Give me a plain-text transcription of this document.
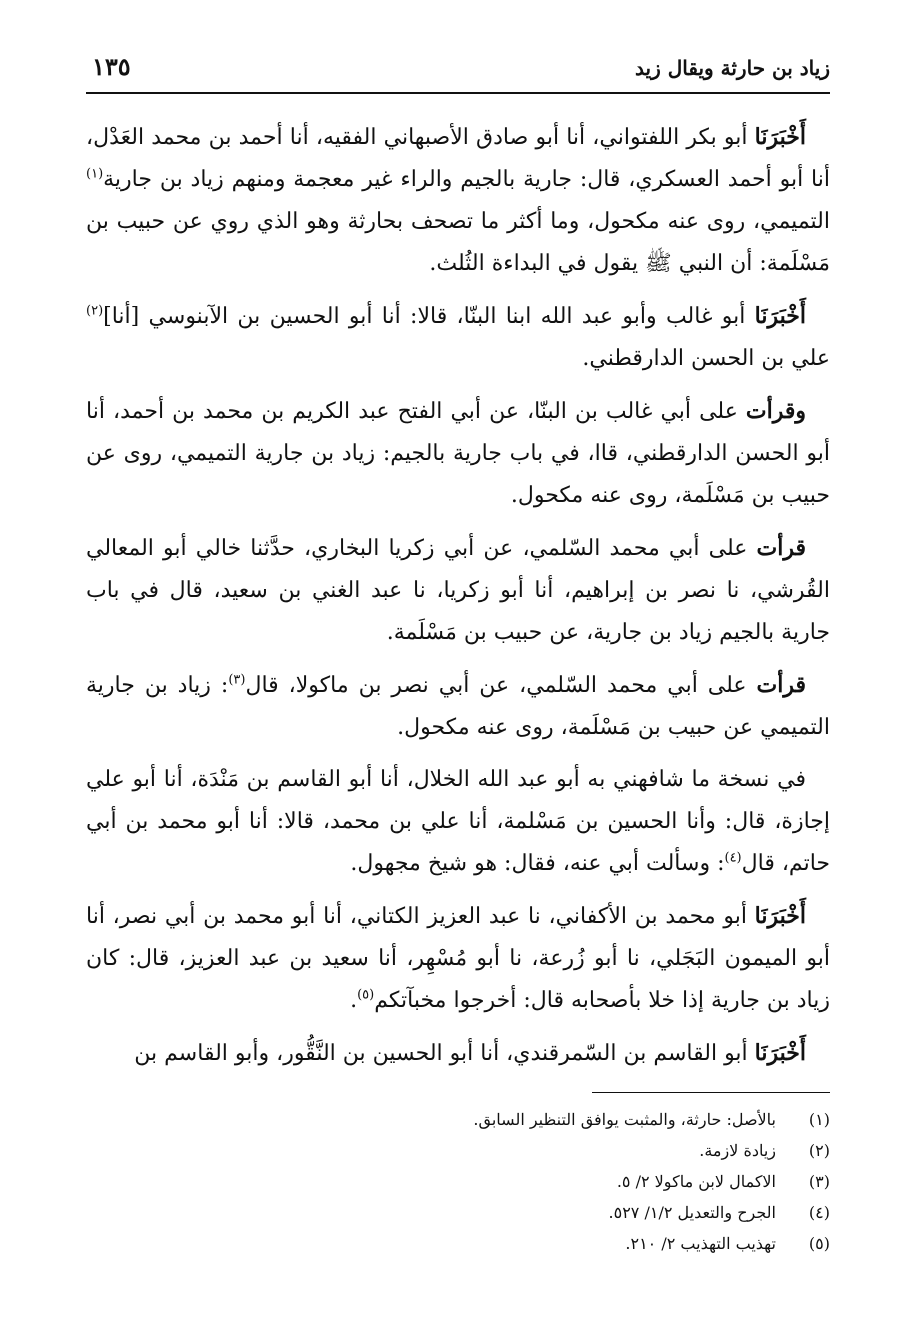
زياد بن حارثة ويقال زيد
١٣٥

أَخْبَرَنَا أبو بكر اللفتواني، أنا أبو صادق الأصبهاني الفقيه، أنا أحمد بن محمد العَدْل، أنا أبو أحمد العسكري، قال: جارية بالجيم والراء غير معجمة ومنهم زياد بن جارية$^{(١)}$ التميمي، روى عنه مكحول، وما أكثر ما تصحف بحارثة وهو الذي روي عن حبيب بن مَسْلَمة: أن النبي ﷺ يقول في البداءة الثُلث.

أَخْبَرَنَا أبو غالب وأبو عبد الله ابنا البنّا، قالا: أنا أبو الحسين بن الآبنوسي [أنا]$^{(٢)}$ علي بن الحسن الدارقطني.

وقرأت على أبي غالب بن البنّا، عن أبي الفتح عبد الكريم بن محمد بن أحمد، أنا أبو الحسن الدارقطني، قاا، في باب جارية بالجيم: زياد بن جارية التميمي، روى عن حبيب بن مَسْلَمة، روى عنه مكحول.

قرأت على أبي محمد السّلمي، عن أبي زكريا البخاري، حدَّثنا خالي أبو المعالي القُرشي، نا نصر بن إبراهيم، أنا أبو زكريا، نا عبد الغني بن سعيد، قال في باب جارية بالجيم زياد بن جارية، عن حبيب بن مَسْلَمة.

قرأت على أبي محمد السّلمي، عن أبي نصر بن ماكولا، قال$^{(٣)}$: زياد بن جارية التميمي عن حبيب بن مَسْلَمة، روى عنه مكحول.

في نسخة ما شافهني به أبو عبد الله الخلال، أنا أبو القاسم بن مَنْدَة، أنا أبو علي إجازة، قال: وأنا الحسين بن مَسْلمة، أنا علي بن محمد، قالا: أنا أبو محمد بن أبي حاتم، قال$^{(٤)}$: وسألت أبي عنه، فقال: هو شيخ مجهول.

أَخْبَرَنَا أبو محمد بن الأكفاني، نا عبد العزيز الكتاني، أنا أبو محمد بن أبي نصر، أنا أبو الميمون البَجَلي، نا أبو زُرعة، نا أبو مُسْهِر، أنا سعيد بن عبد العزيز، قال: كان زياد بن جارية إذا خلا بأصحابه قال: أخرجوا مخبآتكم$^{(٥)}$.

أَخْبَرَنَا أبو القاسم بن السّمرقندي، أنا أبو الحسين بن النَّقُّور، وأبو القاسم بن

(١)بالأصل: حارثة، والمثبت يوافق التنظير السابق.
(٢)زيادة لازمة.
(٣)الاكمال لابن ماكولا ٢/ ٥.
(٤)الجرح والتعديل ١/٢/ ٥٢٧.
(٥)تهذيب التهذيب ٢/ ٢١٠.
